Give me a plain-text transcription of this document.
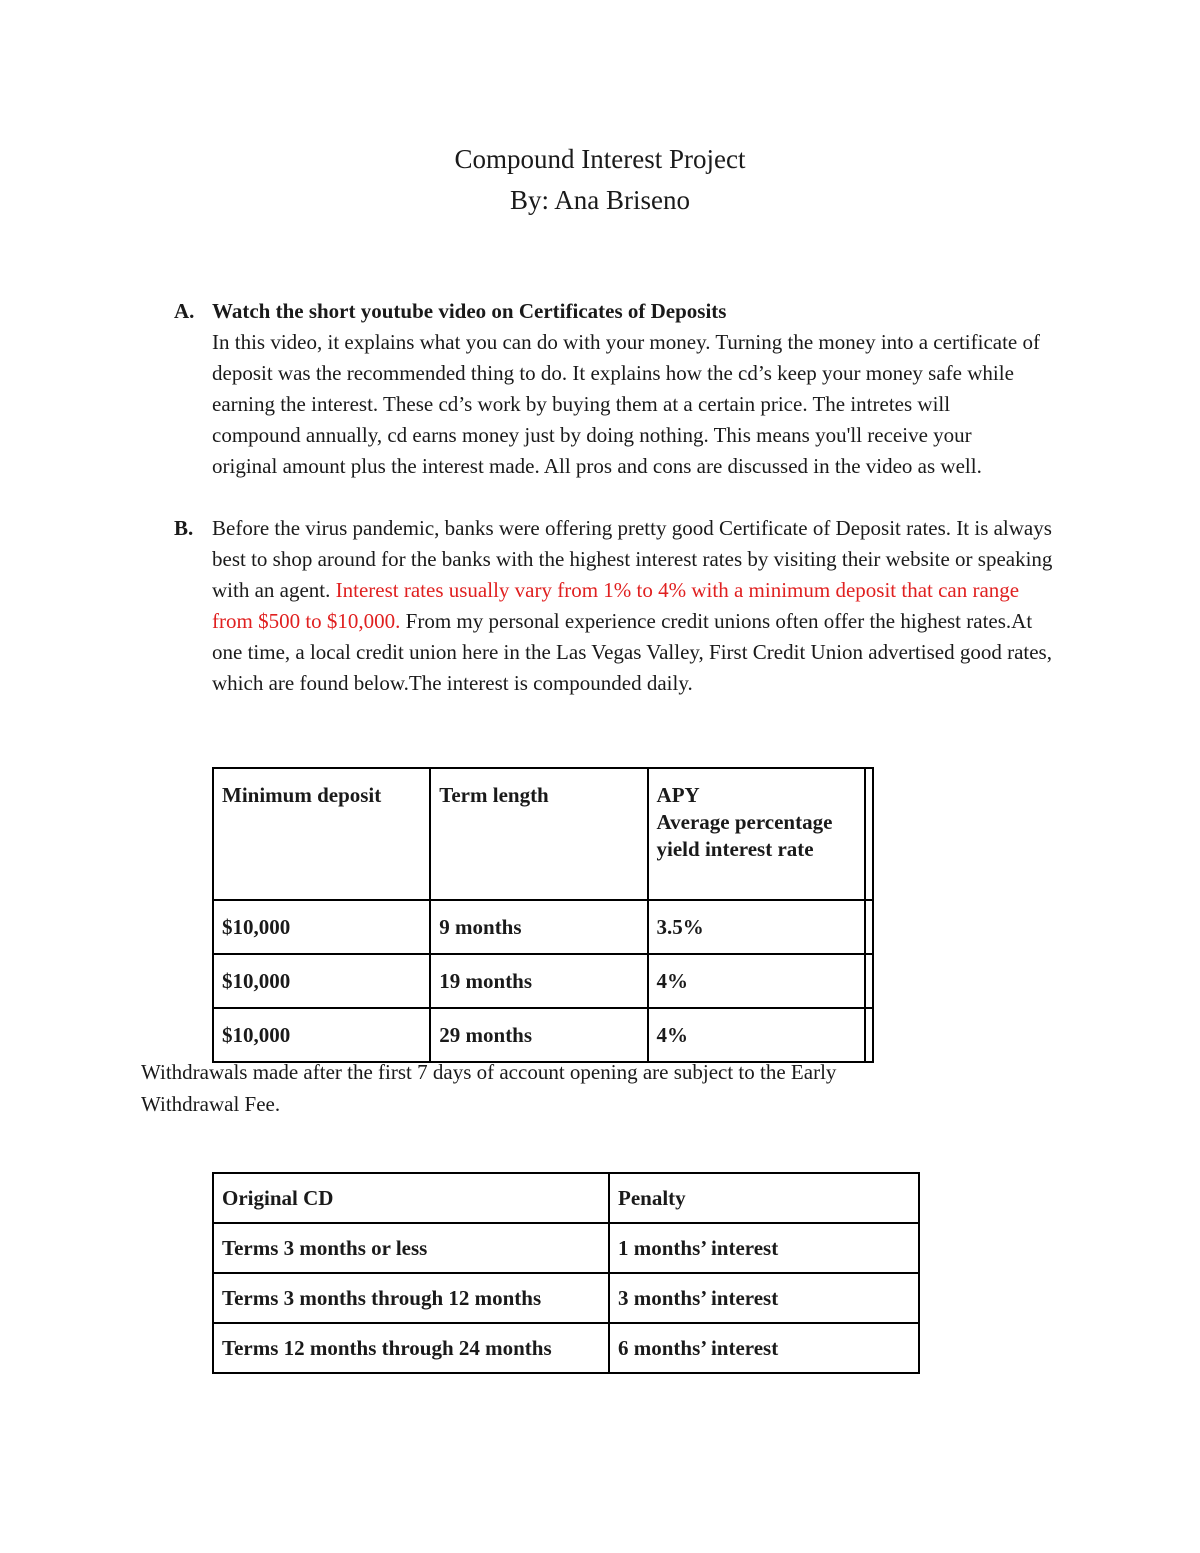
Compound Interest Project
By: Ana Briseno
A. Watch the short youtube video on Certificates of Deposits
In this video, it explains what you can do with your money. Turning the money into a certificate of deposit was the recommended thing to do. It explains how the cd’s keep your money safe while earning the interest. These cd’s work by buying them at a certain price. The intretes will compound annually, cd earns money just by doing nothing. This means you'll receive your original amount plus the interest made. All pros and cons are discussed in the video as well.
B. Before the virus pandemic, banks were offering pretty good Certificate of Deposit rates. It is always best to shop around for the banks with the highest interest rates by visiting their website or speaking with an agent. Interest rates usually vary from 1% to 4% with a minimum deposit that can range from $500 to $10,000. From my personal experience credit unions often offer the highest rates.At one time, a local credit union here in the Las Vegas Valley, First Credit Union advertised good rates, which are found below.The interest is compounded daily.
Minimum deposit	Term length	APY
Average percentage yield interest rate	
$10,000	9 months	3.5%	
$10,000	19 months	4%	
$10,000	29 months	4%	
Withdrawals made after the first 7 days of account opening are subject to the Early Withdrawal Fee.
Original CD	Penalty
Terms 3 months or less	1 months’ interest
Terms 3 months through 12 months	3 months’ interest
Terms 12 months through 24 months	6 months’ interest
